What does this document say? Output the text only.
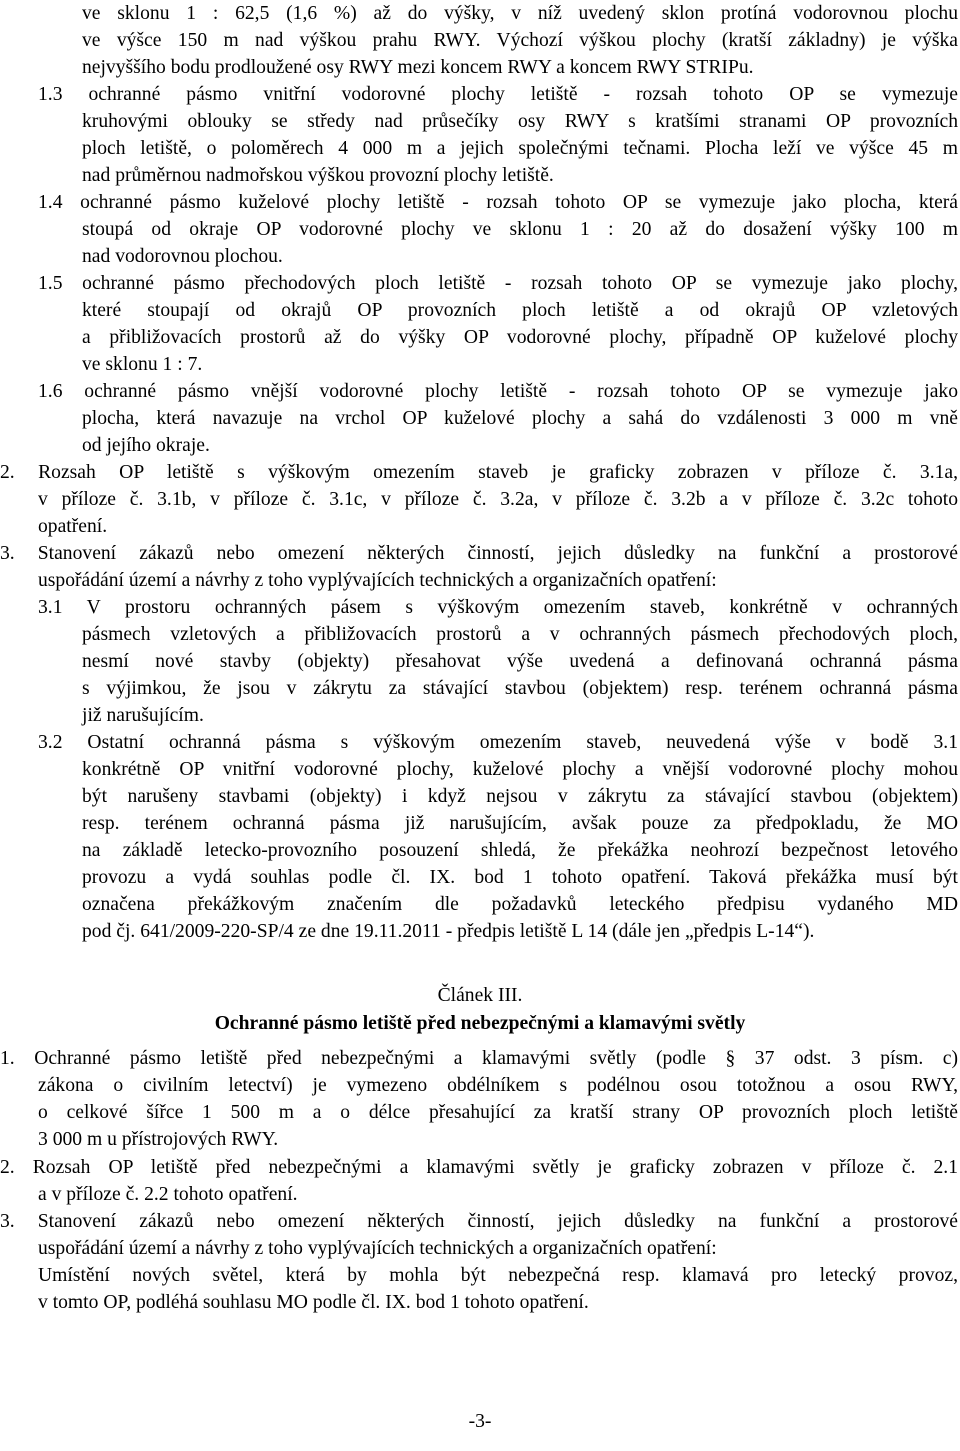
ve sklonu 1 : 62,5 (1,6 %) až do výšky, v níž uvedený sklon protíná vodorovnou plochu
ve výšce 150 m nad výškou prahu RWY. Výchozí výškou plochy (kratší základny) je výška
nejvyššího bodu prodloužené osy RWY mezi koncem RWY a koncem RWY STRIPu.
1.3 ochranné pásmo vnitřní vodorovné plochy letiště - rozsah tohoto OP se vymezuje
kruhovými oblouky se středy nad průsečíky osy RWY s kratšími stranami OP provozních
ploch letiště, o poloměrech 4 000 m a jejich společnými tečnami. Plocha leží ve výšce 45 m
nad průměrnou nadmořskou výškou provozní plochy letiště.
1.4 ochranné pásmo kuželové plochy letiště - rozsah tohoto OP se vymezuje jako plocha, která
stoupá od okraje OP vodorovné plochy ve sklonu 1 : 20 až do dosažení výšky 100 m
nad vodorovnou plochou.
1.5 ochranné pásmo přechodových ploch letiště - rozsah tohoto OP se vymezuje jako plochy,
které stoupají od okrajů OP provozních ploch letiště a od okrajů OP vzletových
a přibližovacích prostorů až do výšky OP vodorovné plochy, případně OP kuželové plochy
ve sklonu 1 : 7.
1.6 ochranné pásmo vnější vodorovné plochy letiště - rozsah tohoto OP se vymezuje jako
plocha, která navazuje na vrchol OP kuželové plochy a sahá do vzdálenosti 3 000 m vně
od jejího okraje.
2. Rozsah OP letiště s výškovým omezením staveb je graficky zobrazen v příloze č. 3.1a,
v příloze č. 3.1b, v příloze č. 3.1c, v příloze č. 3.2a, v příloze č. 3.2b a v příloze č. 3.2c tohoto
opatření.
3. Stanovení zákazů nebo omezení některých činností, jejich důsledky na funkční a prostorové
uspořádání území a návrhy z toho vyplývajících technických a organizačních opatření:
3.1 V prostoru ochranných pásem s výškovým omezením staveb, konkrétně v ochranných
pásmech vzletových a přibližovacích prostorů a v ochranných pásmech přechodových ploch,
nesmí nové stavby (objekty) přesahovat výše uvedená a definovaná ochranná pásma
s výjimkou, že jsou v zákrytu za stávající stavbou (objektem) resp. terénem ochranná pásma
již narušujícím.
3.2 Ostatní ochranná pásma s výškovým omezením staveb, neuvedená výše v bodě 3.1
konkrétně OP vnitřní vodorovné plochy, kuželové plochy a vnější vodorovné plochy mohou
být narušeny stavbami (objekty) i když nejsou v zákrytu za stávající stavbou (objektem)
resp. terénem ochranná pásma již narušujícím, avšak pouze za předpokladu, že MO
na základě letecko-provozního posouzení shledá, že překážka neohrozí bezpečnost letového
provozu a vydá souhlas podle čl. IX. bod 1 tohoto opatření. Taková překážka musí být
označena překážkovým značením dle požadavků leteckého předpisu vydaného MD
pod čj. 641/2009-220-SP/4 ze dne 19.11.2011 - předpis letiště L 14 (dále jen „předpis L-14“).
Článek III.
Ochranné pásmo letiště před nebezpečnými a klamavými světly
1. Ochranné pásmo letiště před nebezpečnými a klamavými světly (podle § 37 odst. 3 písm. c)
zákona o civilním letectví) je vymezeno obdélníkem s podélnou osou totožnou a osou RWY,
o celkové šířce 1 500 m a o délce přesahující za kratší strany OP provozních ploch letiště
3 000 m u přístrojových RWY.
2. Rozsah OP letiště před nebezpečnými a klamavými světly je graficky zobrazen v příloze č. 2.1
a v příloze č. 2.2 tohoto opatření.
3. Stanovení zákazů nebo omezení některých činností, jejich důsledky na funkční a prostorové
uspořádání území a návrhy z toho vyplývajících technických a organizačních opatření:
Umístění nových světel, která by mohla být nebezpečná resp. klamavá pro letecký provoz,
v tomto OP, podléhá souhlasu MO podle čl. IX. bod 1 tohoto opatření.
-3-
